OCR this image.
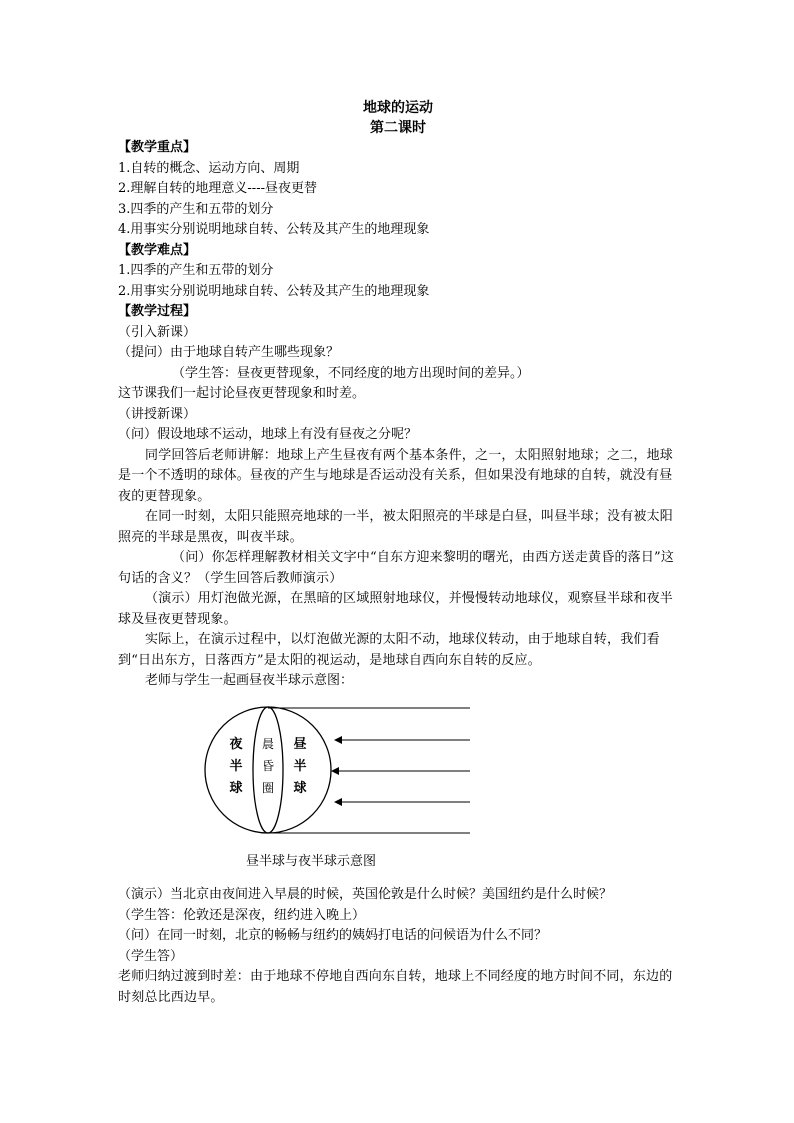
地球的运动
第二课时
【教学重点】
1.自转的概念、运动方向、周期
2.理解自转的地理意义----昼夜更替
3.四季的产生和五带的划分
4.用事实分别说明地球自转、公转及其产生的地理现象
【教学难点】
1.四季的产生和五带的划分
2.用事实分别说明地球自转、公转及其产生的地理现象
【教学过程】
（引入新课）
（提问）由于地球自转产生哪些现象？
（学生答：昼夜更替现象，不同经度的地方出现时间的差异。）
这节课我们一起讨论昼夜更替现象和时差。
（讲授新课）
（问）假设地球不运动，地球上有没有昼夜之分呢？
同学回答后老师讲解：地球上产生昼夜有两个基本条件，之一，太阳照射地球；之二，地球是一个不透明的球体。昼夜的产生与地球是否运动没有关系，但如果没有地球的自转，就没有昼夜的更替现象。
在同一时刻，太阳只能照亮地球的一半，被太阳照亮的半球是白昼，叫昼半球；没有被太阳照亮的半球是黑夜，叫夜半球。
（问）你怎样理解教材相关文字中“自东方迎来黎明的曙光，由西方送走黄昏的落日”这句话的含义？（学生回答后教师演示）
（演示）用灯泡做光源，在黑暗的区域照射地球仪，并慢慢转动地球仪，观察昼半球和夜半球及昼夜更替现象。
实际上，在演示过程中，以灯泡做光源的太阳不动，地球仪转动，由于地球自转，我们看到“日出东方，日落西方”是太阳的视运动，是地球自西向东自转的反应。
老师与学生一起画昼夜半球示意图：
夜
半
球
晨
昏
圈
昼
半
球
昼半球与夜半球示意图
（演示）当北京由夜间进入早晨的时候，英国伦敦是什么时候？美国纽约是什么时候？
（学生答：伦敦还是深夜，纽约进入晚上）
（问）在同一时刻，北京的畅畅与纽约的姨妈打电话的问候语为什么不同？
（学生答）
老师归纳过渡到时差：由于地球不停地自西向东自转，地球上不同经度的地方时间不同，东边的时刻总比西边早。
